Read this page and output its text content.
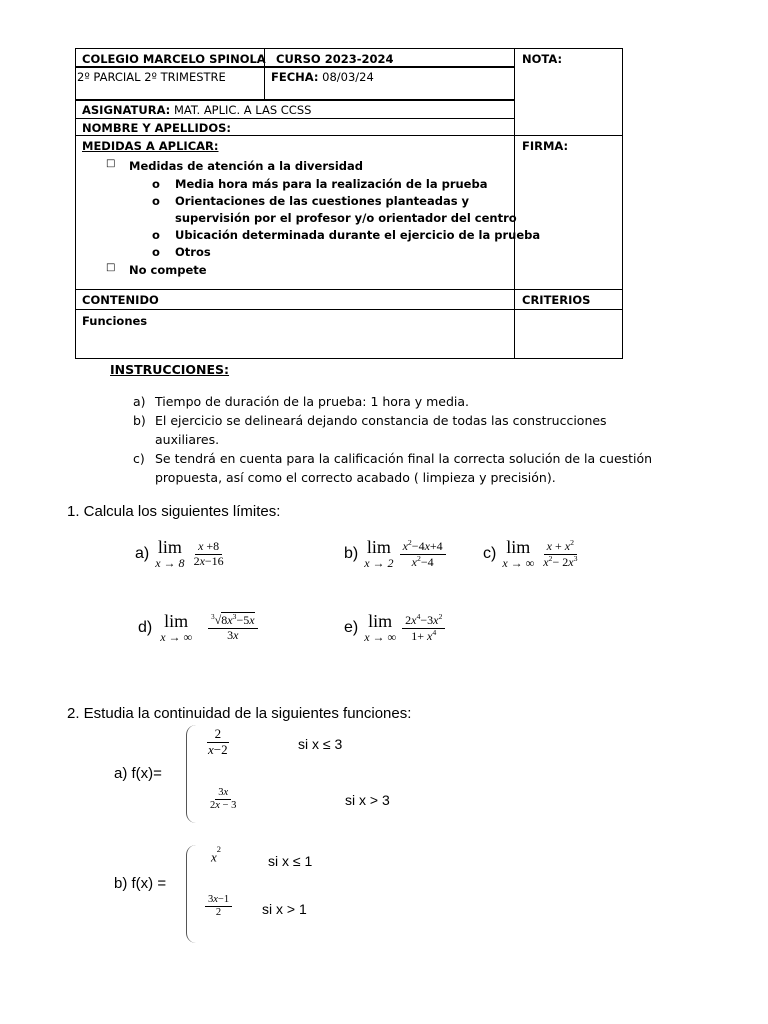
COLEGIO MARCELO SPINOLA CURSO 2023-2024	NOTA:
2º PARCIAL 2º TRIMESTRE	FECHA: 08/03/24
ASIGNATURA: MAT. APLIC. A LAS CCSS
NOMBRE Y APELLIDOS:
MEDIDAS A APLICAR:	FIRMA:
□ Medidas de atención a la diversidad
o Media hora más para la realización de la prueba
o Orientaciones de las cuestiones planteadas y
supervisión por el profesor y/o orientador del centro
o Ubicación determinada durante el ejercicio de la prueba
o Otros
□ No compete
CONTENIDO	CRITERIOS
Funciones
INSTRUCCIONES:
a) Tiempo de duración de la prueba: 1 hora y media.
b) El ejercicio se delineará dejando constancia de todas las construcciones
auxiliares.
c) Se tendrá en cuenta para la calificación final la correcta solución de la cuestión
propuesta, así como el correcto acabado ( limpieza y precisión).
1. Calcula los siguientes límites:
a) lim
$x \to 8 \frac{x +8}{2x-16}$	b) lim
$x \to 2 \frac{x^2-4x+4}{x^2-4} c$) lim
x → ∞ $\frac{x + x^2}{x^2- 2x^3}$
d) lim
x → ∞ $\frac{^3√8x^3-5x}{3x}$	e) lim
x → ∞ $\frac{2x^4-3x^2}{1+ x^4}$
2. Estudia la continuidad de la siguientes funciones:
a) f(x)=
$\frac{2}{x-2}$	si x ≤ 3
$\frac{3x}{2x - 3}$	si x > 3
b) f(x) =
$x^2$
si x ≤ 1
$\frac{3x-1}{2}$ si x > 1
